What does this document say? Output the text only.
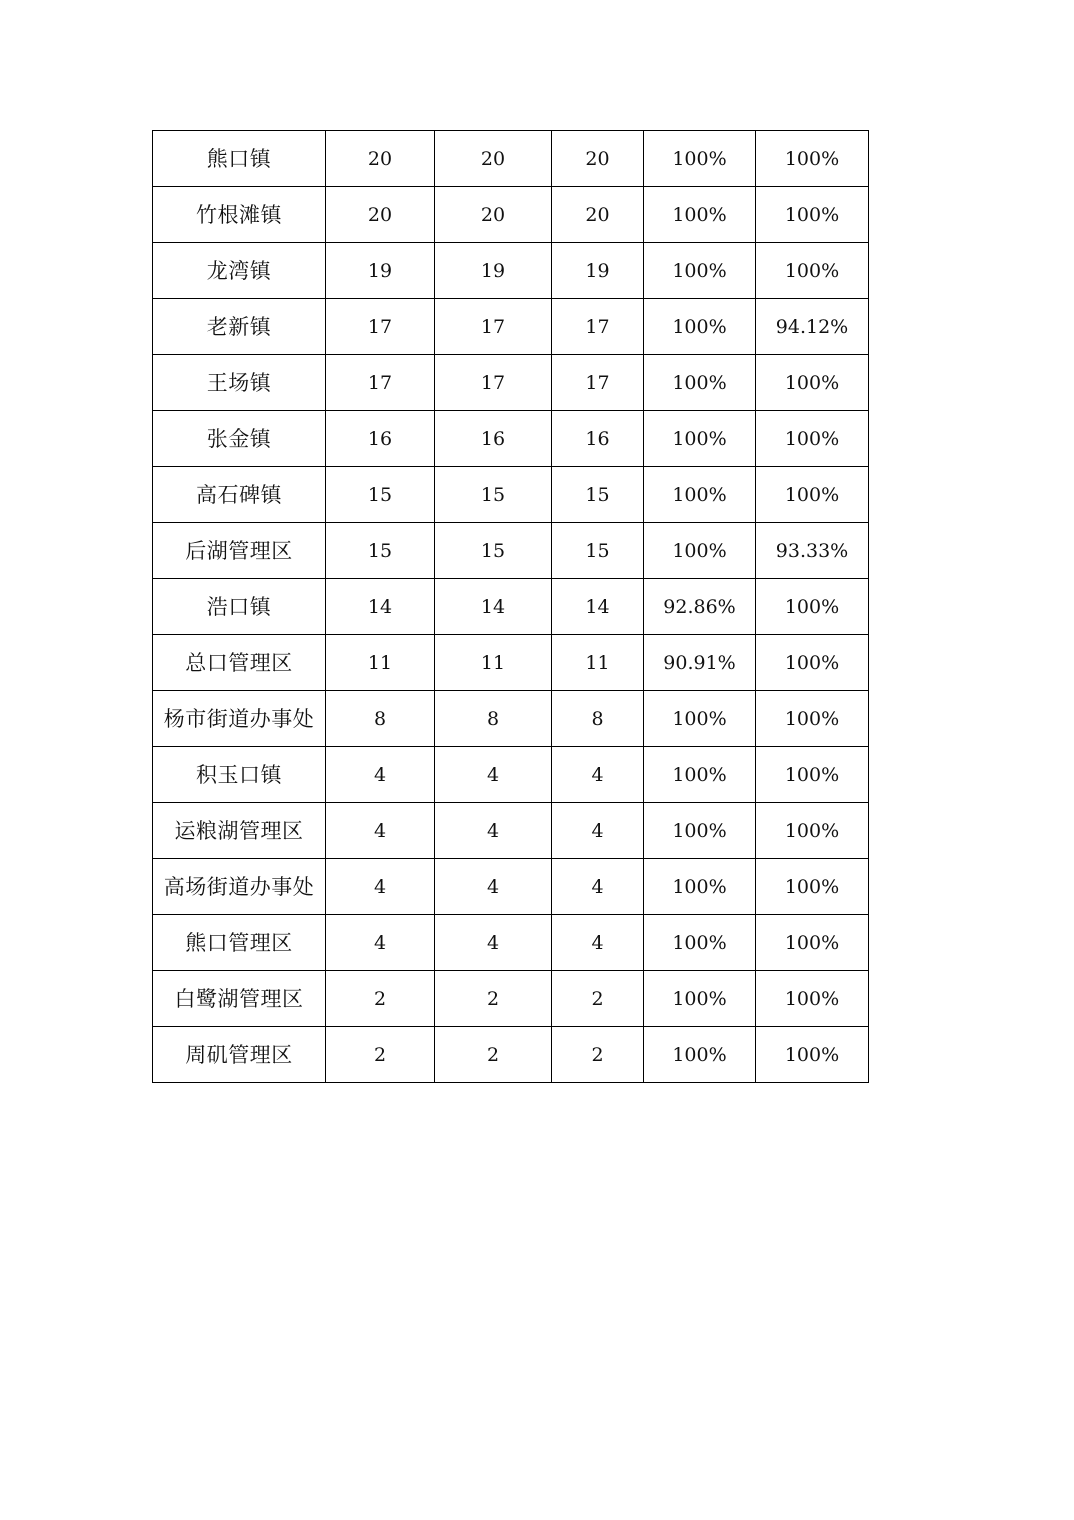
熊口镇	20	20	20	100%	100%
竹根滩镇	20	20	20	100%	100%
龙湾镇	19	19	19	100%	100%
老新镇	17	17	17	100%	94.12%
王场镇	17	17	17	100%	100%
张金镇	16	16	16	100%	100%
高石碑镇	15	15	15	100%	100%
后湖管理区	15	15	15	100%	93.33%
浩口镇	14	14	14	92.86%	100%
总口管理区	11	11	11	90.91%	100%
杨市街道办事处	8	8	8	100%	100%
积玉口镇	4	4	4	100%	100%
运粮湖管理区	4	4	4	100%	100%
高场街道办事处	4	4	4	100%	100%
熊口管理区	4	4	4	100%	100%
白鹭湖管理区	2	2	2	100%	100%
周矶管理区	2	2	2	100%	100%
